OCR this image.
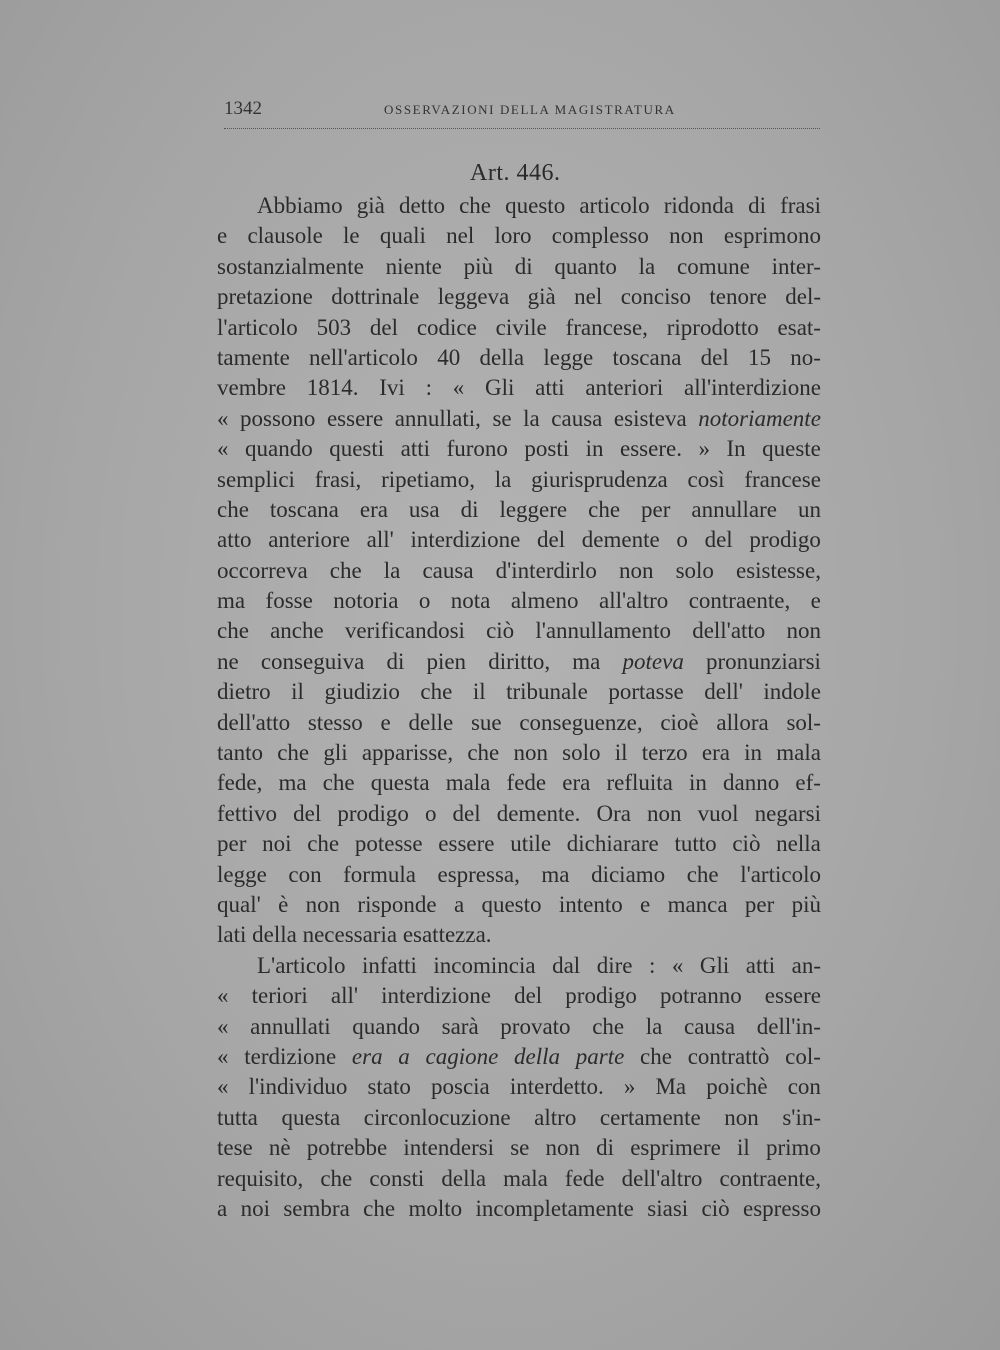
1342	OSSERVAZIONI DELLA MAGISTRATURA
Art. 446.
Abbiamo già detto che questo articolo ridonda di frasi
e clausole le quali nel loro complesso non esprimono
sostanzialmente niente più di quanto la comune inter-
pretazione dottrinale leggeva già nel conciso tenore del-
l'articolo 503 del codice civile francese, riprodotto esat-
tamente nell'articolo 40 della legge toscana del 15 no-
vembre 1814. Ivi : « Gli atti anteriori all'interdizione
« possono essere annullati, se la causa esisteva notoriamente
« quando questi atti furono posti in essere. » In queste
semplici frasi, ripetiamo, la giurisprudenza così francese
che toscana era usa di leggere che per annullare un
atto anteriore all' interdizione del demente o del prodigo
occorreva che la causa d'interdirlo non solo esistesse,
ma fosse notoria o nota almeno all'altro contraente, e
che anche verificandosi ciò l'annullamento dell'atto non
ne conseguiva di pien diritto, ma poteva pronunziarsi
dietro il giudizio che il tribunale portasse dell' indole
dell'atto stesso e delle sue conseguenze, cioè allora sol-
tanto che gli apparisse, che non solo il terzo era in mala
fede, ma che questa mala fede era refluita in danno ef-
fettivo del prodigo o del demente. Ora non vuol negarsi
per noi che potesse essere utile dichiarare tutto ciò nella
legge con formula espressa, ma diciamo che l'articolo
qual' è non risponde a questo intento e manca per più
lati della necessaria esattezza.
L'articolo infatti incomincia dal dire : « Gli atti an-
« teriori all' interdizione del prodigo potranno essere
« annullati quando sarà provato che la causa dell'in-
« terdizione era a cagione della parte che contrattò col-
« l'individuo stato poscia interdetto. » Ma poichè con
tutta questa circonlocuzione altro certamente non s'in-
tese nè potrebbe intendersi se non di esprimere il primo
requisito, che consti della mala fede dell'altro contraente,
a noi sembra che molto incompletamente siasi ciò espresso
